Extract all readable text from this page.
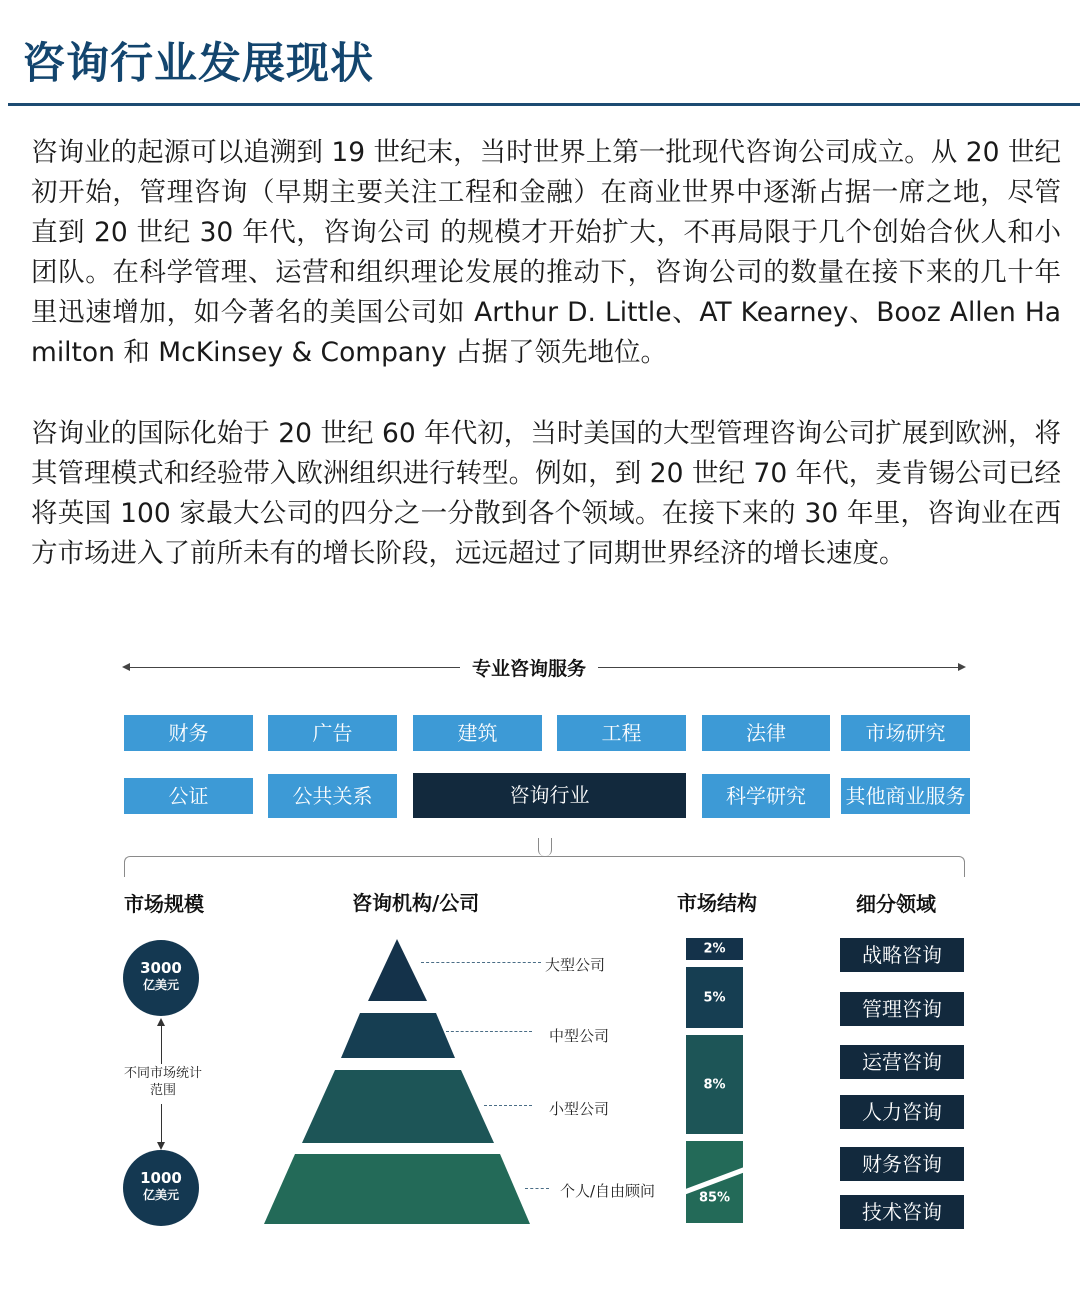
咨询行业发展现状

咨询业的起源可以追溯到 19 世纪末，当时世界上第一批现代咨询公司成立。从 20 世纪初开始，管理咨询（早期主要关注工程和金融）在商业世界中逐渐占据一席之地，尽管直到 20 世纪 30 年代，咨询公司 的规模才开始扩大，不再局限于几个创始合伙人和小团队。在科学管理、运营和组织理论发展的推动下，咨询公司的数量在接下来的几十年里迅速增加，如今著名的美国公司如 Arthur D. Little、AT Kearney、Booz Allen Hamilton 和 McKinsey & Company 占据了领先地位。

咨询业的国际化始于 20 世纪 60 年代初，当时美国的大型管理咨询公司扩展到欧洲，将其管理模式和经验带入欧洲组织进行转型。例如，到 20 世纪 70 年代，麦肯锡公司已经将英国 100 家最大公司的四分之一分散到各个领域。在接下来的 30 年里，咨询业在西方市场进入了前所未有的增长阶段，远远超过了同期世界经济的增长速度。

专业咨询服务
财务	广告	建筑	工程	法律	市场研究
公证	公共关系	咨询行业	科学研究	其他商业服务
市场规模	咨询机构/公司	市场结构	细分领域
3000
亿美元
不同市场统计范围
1000
亿美元
大型公司
中型公司
小型公司
个人/自由顾问
2%
5%
8%
85%
战略咨询
管理咨询
运营咨询
人力咨询
财务咨询
技术咨询
